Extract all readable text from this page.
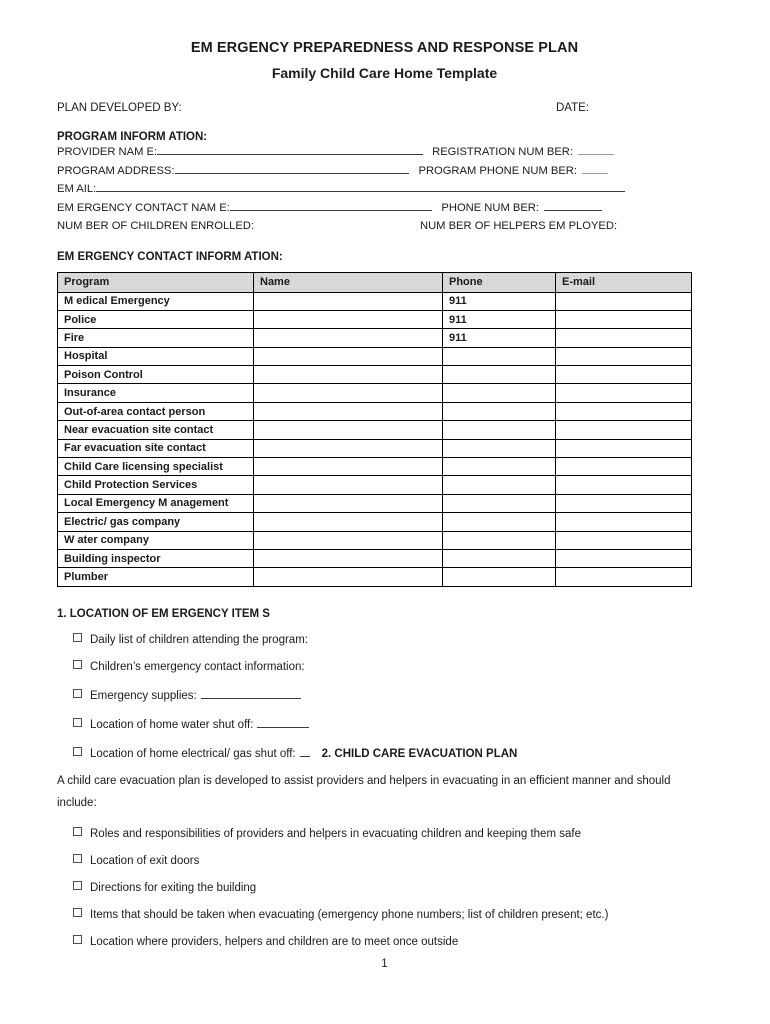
EM ERGENCY PREPAREDNESS AND RESPONSE PLAN
Family Child Care Home Template
PLAN DEVELOPED BY:	DATE:
PROGRAM INFORM ATION:
PROVIDER NAM E:	REGISTRATION NUM BER:
PROGRAM ADDRESS:	PROGRAM PHONE NUM BER:
EM AIL:
EM ERGENCY CONTACT NAM E:	PHONE NUM BER:
NUM BER OF CHILDREN ENROLLED:	NUM BER OF HELPERS EM PLOYED:
EM ERGENCY CONTACT INFORM ATION:
Program	Name	Phone	E-mail
M edical Emergency		911	
Police		911	
Fire		911	
Hospital			
Poison Control			
Insurance			
Out-of-area contact person			
Near evacuation site contact			
Far evacuation site contact			
Child Care licensing specialist			
Child Protection Services			
Local Emergency M anagement			
Electric/ gas company			
W ater company			
Building inspector			
Plumber			
1. LOCATION OF EM ERGENCY ITEM S
Daily list of children attending the program:
Children’s emergency contact information:
Emergency supplies:
Location of home water shut off:
Location of home electrical/ gas shut off: 2. CHILD CARE EVACUATION PLAN
A child care evacuation plan is developed to assist providers and helpers in evacuating in an efficient manner and should include:
Roles and responsibilities of providers and helpers in evacuating children and keeping them safe
Location of exit doors
Directions for exiting the building
Items that should be taken when evacuating (emergency phone numbers; list of children present; etc.)
Location where providers, helpers and children are to meet once outside
1
